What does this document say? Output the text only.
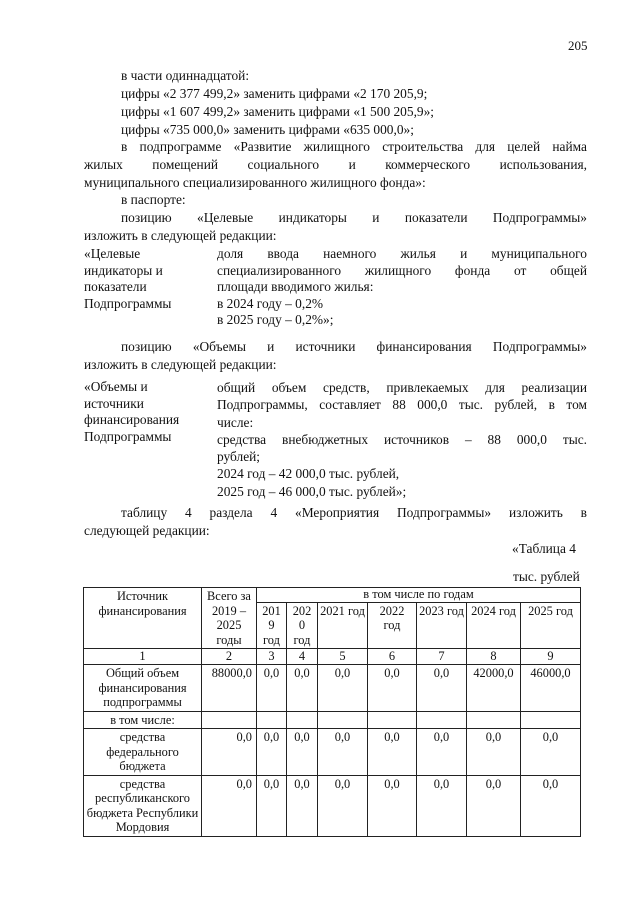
205
в части одиннадцатой:
цифры «2 377 499,2» заменить цифрами «2 170 205,9;
цифры «1 607 499,2» заменить цифрами «1 500 205,9»;
цифры «735 000,0» заменить цифрами «635 000,0»;
в подпрограмме «Развитие жилищного строительства для целей найма
жилых помещений социального и коммерческого использования,
муниципального специализированного жилищного фонда»:
в паспорте:
позицию «Целевые индикаторы и показатели Подпрограммы»
изложить в следующей редакции:
«Целевые
индикаторы и
показатели
Подпрограммы
доля ввода наемного жилья и муниципального
специализированного жилищного фонда от общей
площади вводимого жилья:
в 2024 году – 0,2%
в 2025 году – 0,2%»;
позицию «Объемы и источники финансирования Подпрограммы»
изложить в следующей редакции:
«Объемы и
источники
финансирования
Подпрограммы
общий объем средств, привлекаемых для реализации
Подпрограммы, составляет 88 000,0 тыс. рублей, в том
числе:
средства внебюджетных источников – 88 000,0 тыс.
рублей;
2024 год – 42 000,0 тыс. рублей,
2025 год – 46 000,0 тыс. рублей»;
таблицу 4 раздела 4 «Мероприятия Подпрограммы» изложить в
следующей редакции:
«Таблица 4
тыс. рублей
Источник финансирования	Всего за 2019 – 2025 годы	в том числе по годам						
		201 9 год	202 0 год	2021 год	2022 год	2023 год	2024 год	2025 год
1	2	3	4	5	6	7	8	9
Общий объем финансирования подпрограммы	88000,0	0,0	0,0	0,0	0,0	0,0	42000,0	46000,0
в том числе:								
средства федерального бюджета	0,0	0,0	0,0	0,0	0,0	0,0	0,0	0,0
средства республиканского бюджета Республики Мордовия	0,0	0,0	0,0	0,0	0,0	0,0	0,0	0,0
